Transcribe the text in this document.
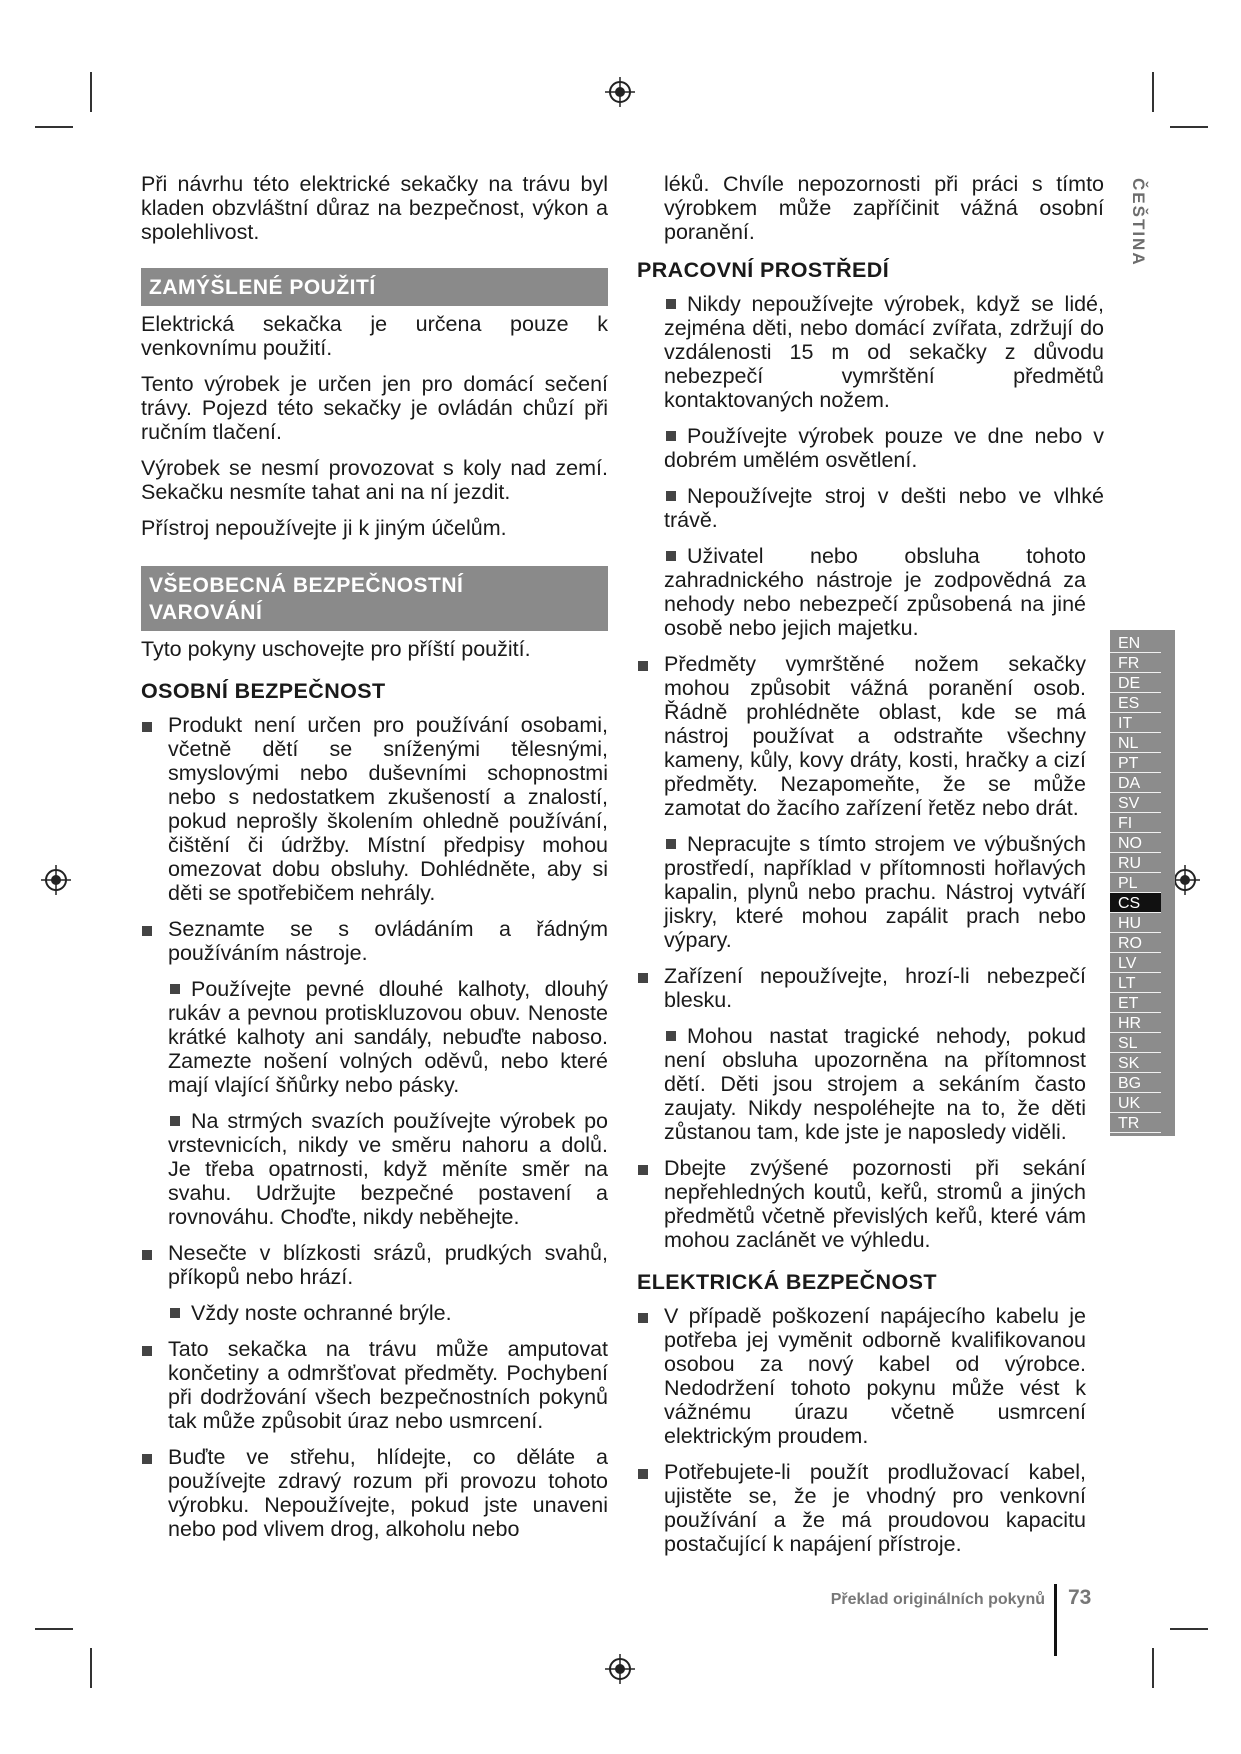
Při návrhu této elektrické sekačky na trávu byl kladen obzvláštní důraz na bezpečnost, výkon a spolehlivost.

ZAMÝŠLENÉ POUŽITÍ

Elektrická sekačka je určena pouze k venkovnímu použití.

Tento výrobek je určen jen pro domácí sečení trávy. Pojezd této sekačky je ovládán chůzí při ručním tlačení.

Výrobek se nesmí provozovat s koly nad zemí. Sekačku nesmíte tahat ani na ní jezdit.

Přístroj nepoužívejte ji k jiným účelům.

VŠEOBECNÁ BEZPEČNOSTNÍ
VAROVÁNÍ

Tyto pokyny uschovejte pro příští použití.

OSOBNÍ BEZPEČNOST
Produkt není určen pro používání osobami, včetně dětí se sníženými tělesnými, smyslovými nebo duševními schopnostmi nebo s nedostatkem zkušeností a znalostí, pokud neprošly školením ohledně používání, čištění či údržby. Místní předpisy mohou omezovat dobu obsluhy. Dohlédněte, aby si děti se spotřebičem nehrály.
Seznamte se s ovládáním a řádným používáním nástroje.
Používejte pevné dlouhé kalhoty, dlouhý rukáv a pevnou protiskluzovou obuv. Nenoste krátké kalhoty ani sandály, nebuďte naboso. Zamezte nošení volných oděvů, nebo které mají vlající šňůrky nebo pásky.
Na strmých svazích používejte výrobek po vrstevnicích, nikdy ve směru nahoru a dolů. Je třeba opatrnosti, když měníte směr na svahu. Udržujte bezpečné postavení a rovnováhu. Choďte, nikdy neběhejte.
Nesečte v blízkosti srázů, prudkých svahů, příkopů nebo hrází.
Vždy noste ochranné brýle.
Tato sekačka na trávu může amputovat končetiny a odmršťovat předměty. Pochybení při dodržování všech bezpečnostních pokynů tak může způsobit úraz nebo usmrcení.
Buďte ve střehu, hlídejte, co děláte a používejte zdravý rozum při provozu tohoto výrobku. Nepoužívejte, pokud jste unaveni nebo pod vlivem drog, alkoholu nebo

léků. Chvíle nepozornosti při práci s tímto výrobkem může zapříčinit vážná osobní poranění.

PRACOVNÍ PROSTŘEDÍ
Nikdy nepoužívejte výrobek, když se lidé, zejména děti, nebo domácí zvířata, zdržují do vzdálenosti 15 m od sekačky z důvodu nebezpečí vymrštění předmětů kontaktovaných nožem.
Používejte výrobek pouze ve dne nebo v dobrém umělém osvětlení.
Nepoužívejte stroj v dešti nebo ve vlhké trávě.
Uživatel nebo obsluha tohoto zahradnického nástroje je zodpovědná za nehody nebo nebezpečí způsobená na jiné osobě nebo jejich majetku.
Předměty vymrštěné nožem sekačky mohou způsobit vážná poranění osob. Řádně prohlédněte oblast, kde se má nástroj používat a odstraňte všechny kameny, kůly, kovy dráty, kosti, hračky a cizí předměty. Nezapomeňte, že se může zamotat do žacího zařízení řetěz nebo drát.
Nepracujte s tímto strojem ve výbušných prostředí, například v přítomnosti hořlavých kapalin, plynů nebo prachu. Nástroj vytváří jiskry, které mohou zapálit prach nebo výpary.
Zařízení nepoužívejte, hrozí-li nebezpečí blesku.
Mohou nastat tragické nehody, pokud není obsluha upozorněna na přítomnost dětí. Děti jsou strojem a sekáním často zaujaty. Nikdy nespoléhejte na to, že děti zůstanou tam, kde jste je naposledy viděli.
Dbejte zvýšené pozornosti při sekání nepřehledných koutů, keřů, stromů a jiných předmětů včetně převislých keřů, které vám mohou zaclánět ve výhledu.
ELEKTRICKÁ BEZPEČNOST
V případě poškození napájecího kabelu je potřeba jej vyměnit odborně kvalifikovanou osobou za nový kabel od výrobce. Nedodržení tohoto pokynu může vést k vážnému úrazu včetně usmrcení elektrickým proudem.
Potřebujete-li použít prodlužovací kabel, ujistěte se, že je vhodný pro venkovní používání a že má proudovou kapacitu postačující k napájení přístroje.
ČEŠTINA
EN
FR
DE
ES
IT
NL
PT
DA
SV
FI
NO
RU
PL
CS
HU
RO
LV
LT
ET
HR
SL
SK
BG
UK
TR
Překlad originálních pokynů 73
